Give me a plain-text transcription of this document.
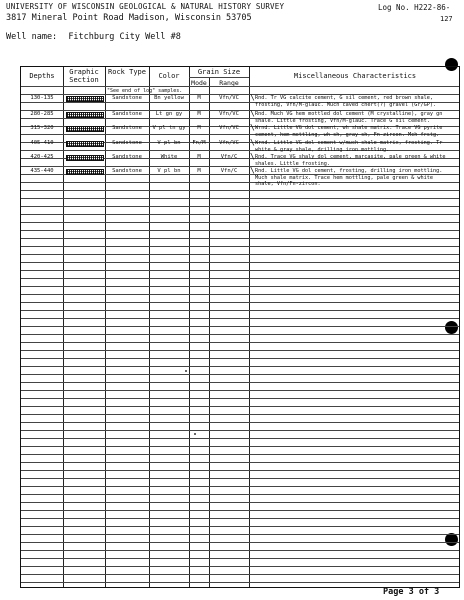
UNIVERSITY OF WISCONSIN GEOLOGICAL & NATURAL HISTORY SURVEY
3817 Mineral Point Road Madison, Wisconsin 53705
Log No. H222-86-
127
Well name: Fitchburg City Well #8
Depths	Graphic Section
Rock Type	Color	Grain Size
Mode	Range
Miscellaneous Characteristics
"See end of log" samples.
130-135	Sandstone	Bn yellow	M	Vfn/VC	Rnd. Tr VG calcite cement, G sil cement, red brown shale,
frosting, Vfn/M-glauc. Much caved chert(?) gravel (Gr/GP).
\
280-285	Sandstone	Lt gn gy	M	Vfn/VC	Rnd. Much VG hem mottled dol cement (M crystalline), gray gn
shale. Little frosting, Vfn/M-glauc. Trace G sil cement.
\
315-320	Sandstone	V pl tn gy	M	Vfn/VC	Wrnd. Little VG dol cement, wh shale matrix. Trace VG pyrite
cement, hem mottling, wh sh, gray sh, Fn-zircon. Mch frstg.
\
405-410	Sandstone	V pl bn	Fn/M	Vfn/VC	Wrnd. Little VG dol cement w/much shale matrix, frosting. Tr
white & gray shale, drilling iron mottling.
\
420-425	Sandstone	White	M	Vfn/C	Rnd. Trace VG shaly dol cement, marcasite, pale green & white
shales. Little frosting.
\
435-440	Sandstone	V pl bn	M	Vfn/C	Rnd. Little VG dol cement, frosting, drilling iron mottling.
Much shale matrix. Trace hem mottling, pale green & white
shale, Vfn/Fn-zircon.
\
Page 3 of 3
